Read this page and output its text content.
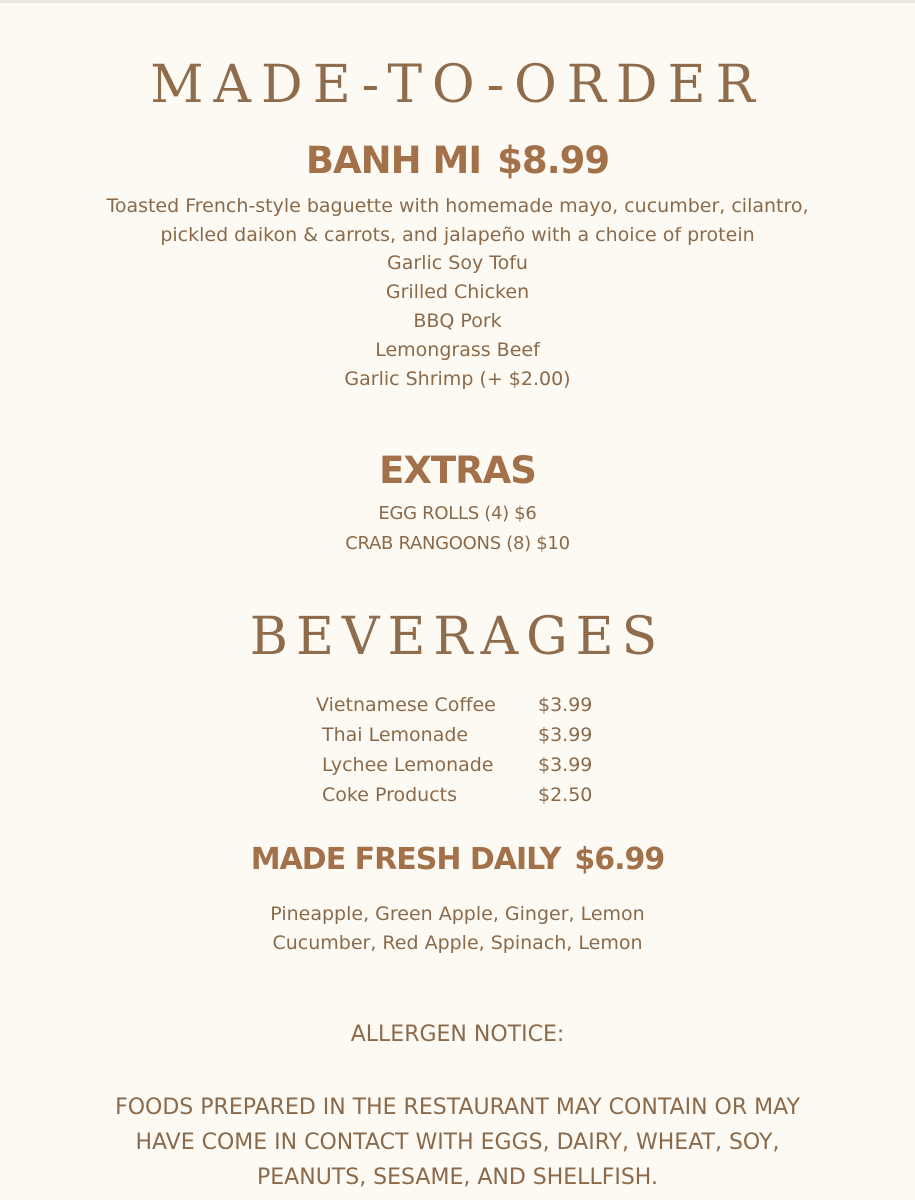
MADE-TO-ORDER
BANH MI $8.99
Toasted French-style baguette with homemade mayo, cucumber, cilantro,
pickled daikon & carrots, and jalapeño with a choice of protein
Garlic Soy Tofu
Grilled Chicken
BBQ Pork
Lemongrass Beef
Garlic Shrimp (+ $2.00)
EXTRAS
EGG ROLLS (4) $6
CRAB RANGOONS (8) $10
BEVERAGES
Vietnamese Coffee	$3.99
Thai Lemonade	$3.99
Lychee Lemonade	$3.99
Coke Products	$2.50
MADE FRESH DAILY $6.99
Pineapple, Green Apple, Ginger, Lemon
Cucumber, Red Apple, Spinach, Lemon
ALLERGEN NOTICE:
FOODS PREPARED IN THE RESTAURANT MAY CONTAIN OR MAY
HAVE COME IN CONTACT WITH EGGS, DAIRY, WHEAT, SOY,
PEANUTS, SESAME, AND SHELLFISH.
